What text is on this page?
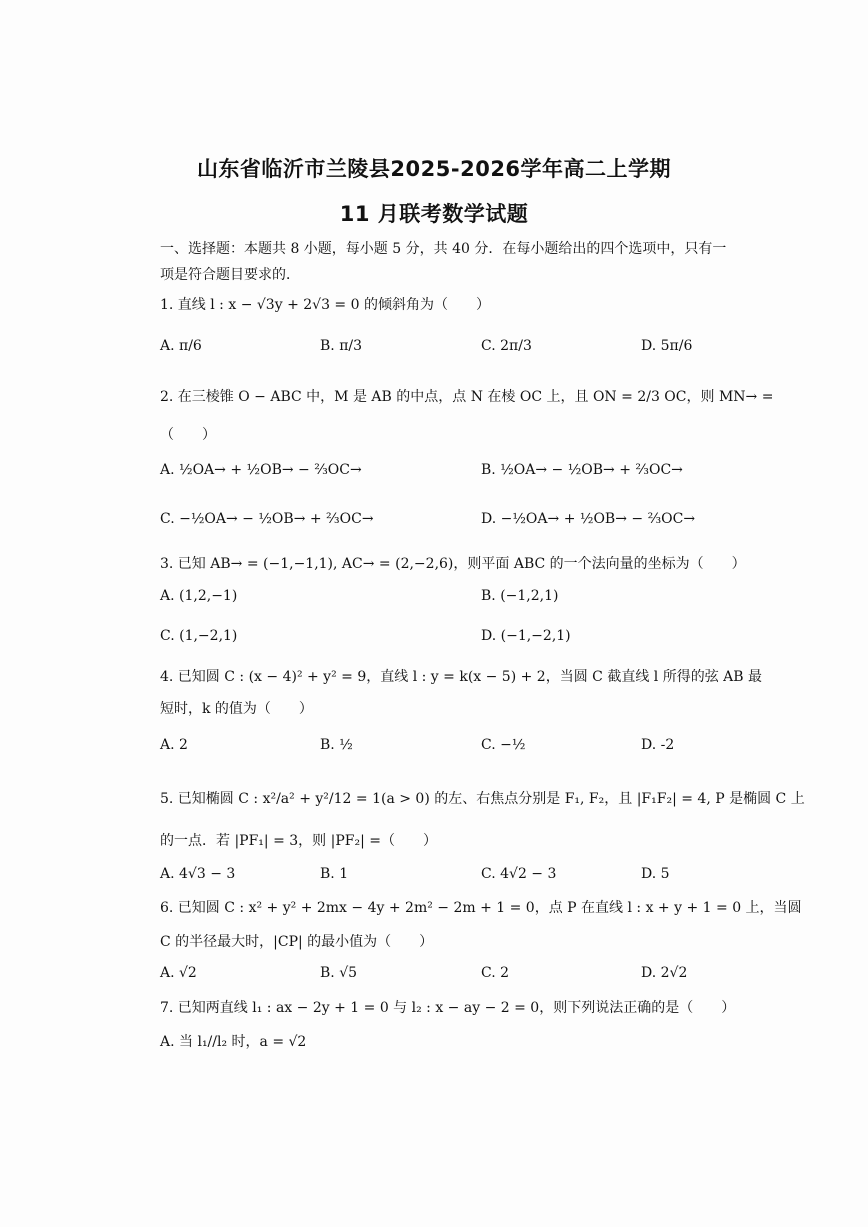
山东省临沂市兰陵县2025-2026学年高二上学期
11 月联考数学试题
一、选择题：本题共 8 小题，每小题 5 分，共 40 分．在每小题给出的四个选项中，只有一
项是符合题目要求的．
1. 直线 l : x − √3y + 2√3 = 0 的倾斜角为（　　）
A. π/6	B. π/3	C. 2π/3	D. 5π/6
2. 在三棱锥 O − ABC 中，M 是 AB 的中点，点 N 在棱 OC 上，且 ON = 2/3 OC，则 MN→ =
（　　）
A. ½OA→ + ½OB→ − ⅔OC→	B. ½OA→ − ½OB→ + ⅔OC→
C. −½OA→ − ½OB→ + ⅔OC→	D. −½OA→ + ½OB→ − ⅔OC→
3. 已知 AB→ = (−1,−1,1), AC→ = (2,−2,6)，则平面 ABC 的一个法向量的坐标为（　　）
A. (1,2,−1)	B. (−1,2,1)
C. (1,−2,1)	D. (−1,−2,1)
4. 已知圆 C : (x − 4)² + y² = 9，直线 l : y = k(x − 5) + 2，当圆 C 截直线 l 所得的弦 AB 最
短时，k 的值为（　　）
A. 2	B. ½	C. −½	D. -2
5. 已知椭圆 C : x²/a² + y²/12 = 1(a > 0) 的左、右焦点分别是 F₁, F₂，且 |F₁F₂| = 4, P 是椭圆 C 上
的一点．若 |PF₁| = 3，则 |PF₂| =（　　）
A. 4√3 − 3	B. 1	C. 4√2 − 3	D. 5
6. 已知圆 C : x² + y² + 2mx − 4y + 2m² − 2m + 1 = 0，点 P 在直线 l : x + y + 1 = 0 上，当圆
C 的半径最大时，|CP| 的最小值为（　　）
A. √2	B. √5	C. 2	D. 2√2
7. 已知两直线 l₁ : ax − 2y + 1 = 0 与 l₂ : x − ay − 2 = 0，则下列说法正确的是（　　）
A. 当 l₁//l₂ 时，a = √2
